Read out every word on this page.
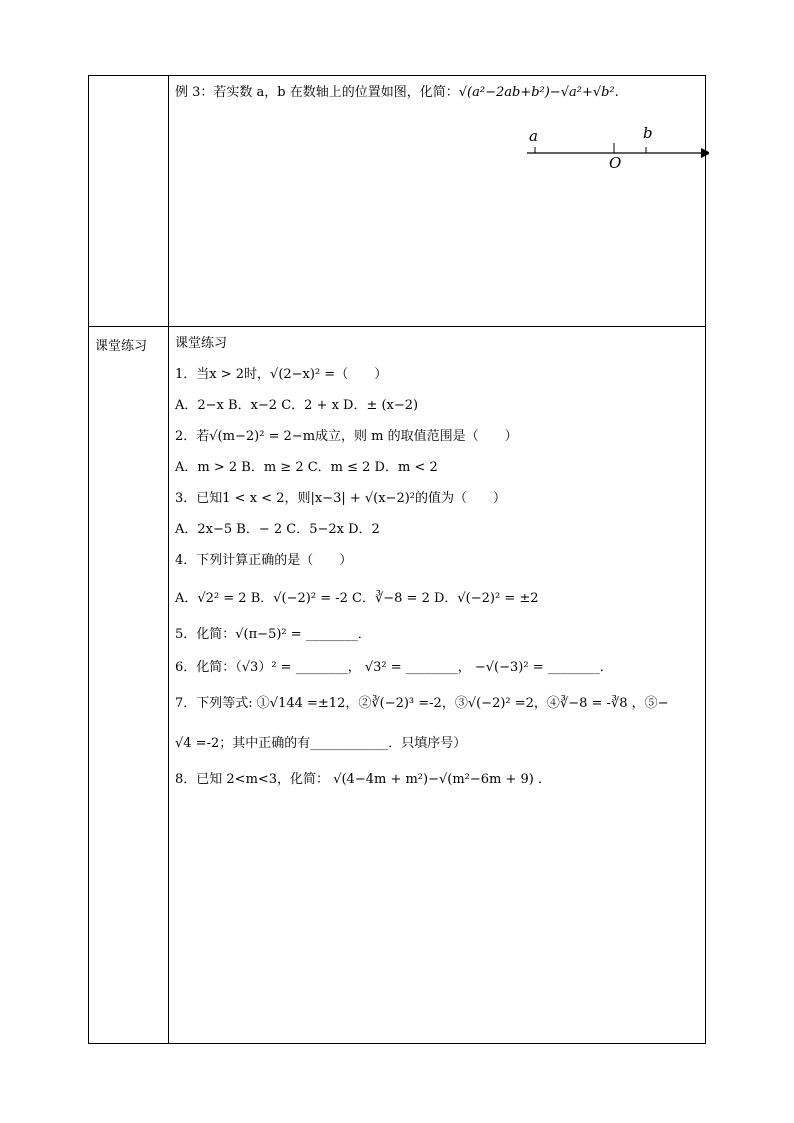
课堂练习
例 3：若实数 a，b 在数轴上的位置如图，化简：√(a²−2ab+b²)−√a²+√b².
a
O
b
课堂练习
1．当x > 2时，√(2−x)² =（　　）
A．2−x B．x−2 C．2 + x D．± (x−2)
2．若√(m−2)² = 2−m成立，则 m 的取值范围是（　　）
A．m > 2 B．m ≥ 2 C．m ≤ 2 D．m < 2
3．已知1 < x < 2，则|x−3| + √(x−2)²的值为（　　）
A．2x−5 B．− 2 C．5−2x D．2
4．下列计算正确的是（　　）
A．√2² = 2 B．√(−2)² = -2 C．∛−8 = 2 D．√(−2)² = ±2
5．化简：√(π−5)² = ________．
6．化简：（√3）² = ________， √3² = ________， −√(−3)² = ________．
7．下列等式: ①√144 =±12，②∛(−2)³ =-2，③√(−2)² =2，④∛−8 = -∛8 ，⑤−
√4 =-2；其中正确的有____________．只填序号）
8．已知 2<m<3，化简： √(4−4m + m²)−√(m²−6m + 9) ．
